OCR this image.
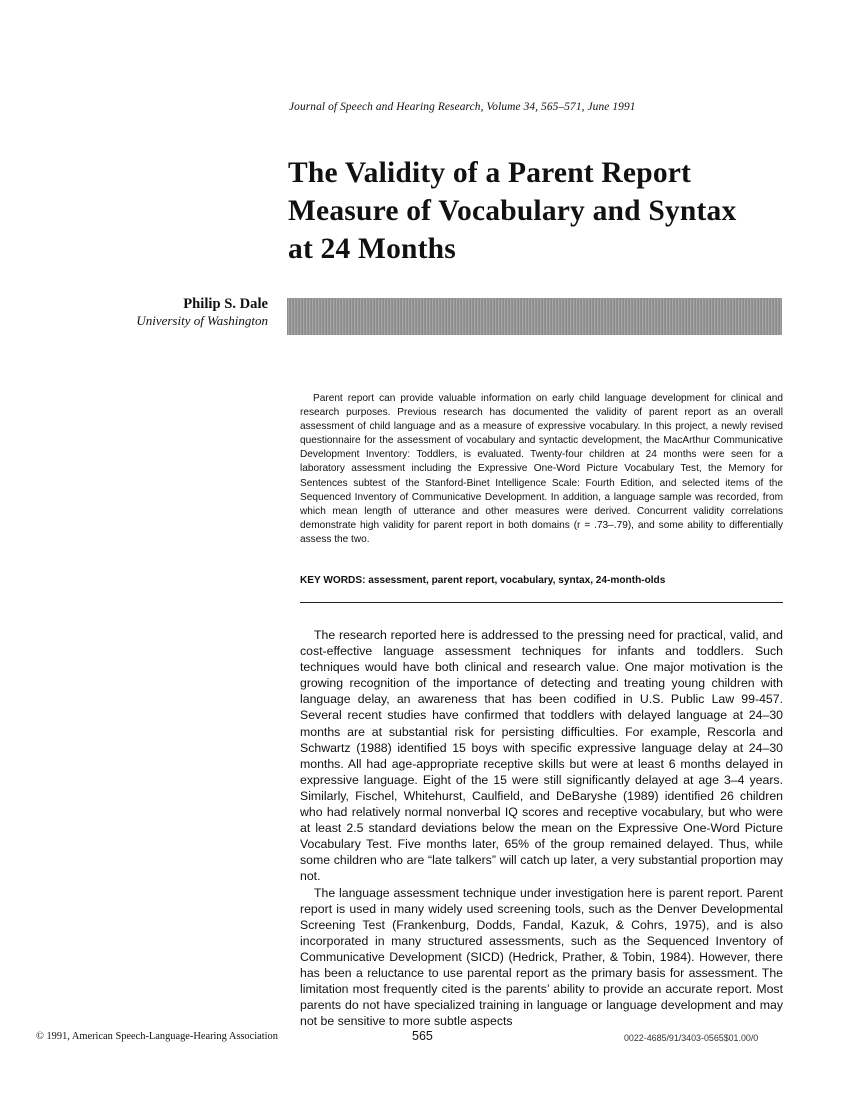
Journal of Speech and Hearing Research, Volume 34, 565–571, June 1991
The Validity of a Parent Report
Measure of Vocabulary and Syntax
at 24 Months
Philip S. Dale
University of Washington
Parent report can provide valuable information on early child language development for clinical and research purposes. Previous research has documented the validity of parent report as an overall assessment of child language and as a measure of expressive vocabulary. In this project, a newly revised questionnaire for the assessment of vocabulary and syntactic development, the MacArthur Communicative Development Inventory: Toddlers, is evaluated. Twenty-four children at 24 months were seen for a laboratory assessment including the Expressive One-Word Picture Vocabulary Test, the Memory for Sentences subtest of the Stanford-Binet Intelligence Scale: Fourth Edition, and selected items of the Sequenced Inventory of Communicative Development. In addition, a language sample was recorded, from which mean length of utterance and other measures were derived. Concurrent validity correlations demonstrate high validity for parent report in both domains (r = .73–.79), and some ability to differentially assess the two.
KEY WORDS: assessment, parent report, vocabulary, syntax, 24-month-olds

The research reported here is addressed to the pressing need for practical, valid, and cost-effective language assessment techniques for infants and toddlers. Such techniques would have both clinical and research value. One major motivation is the growing recognition of the importance of detecting and treating young children with language delay, an awareness that has been codified in U.S. Public Law 99-457. Several recent studies have confirmed that toddlers with delayed language at 24–30 months are at substantial risk for persisting difficulties. For example, Rescorla and Schwartz (1988) identified 15 boys with specific expressive language delay at 24–30 months. All had age-appropriate receptive skills but were at least 6 months delayed in expressive language. Eight of the 15 were still significantly delayed at age 3–4 years. Similarly, Fischel, Whitehurst, Caulfield, and DeBaryshe (1989) identified 26 children who had relatively normal nonverbal IQ scores and receptive vocabulary, but who were at least 2.5 standard deviations below the mean on the Expressive One-Word Picture Vocabulary Test. Five months later, 65% of the group remained delayed. Thus, while some children who are “late talkers” will catch up later, a very substantial proportion may not.

The language assessment technique under investigation here is parent report. Parent report is used in many widely used screening tools, such as the Denver Developmental Screening Test (Frankenburg, Dodds, Fandal, Kazuk, & Cohrs, 1975), and is also incorporated in many structured assessments, such as the Sequenced Inventory of Communicative Development (SICD) (Hedrick, Prather, & Tobin, 1984). However, there has been a reluctance to use parental report as the primary basis for assessment. The limitation most frequently cited is the parents’ ability to provide an accurate report. Most parents do not have specialized training in language or language development and may not be sensitive to more subtle aspects

© 1991, American Speech-Language-Hearing Association	565	0022-4685/91/3403-0565$01.00/0
